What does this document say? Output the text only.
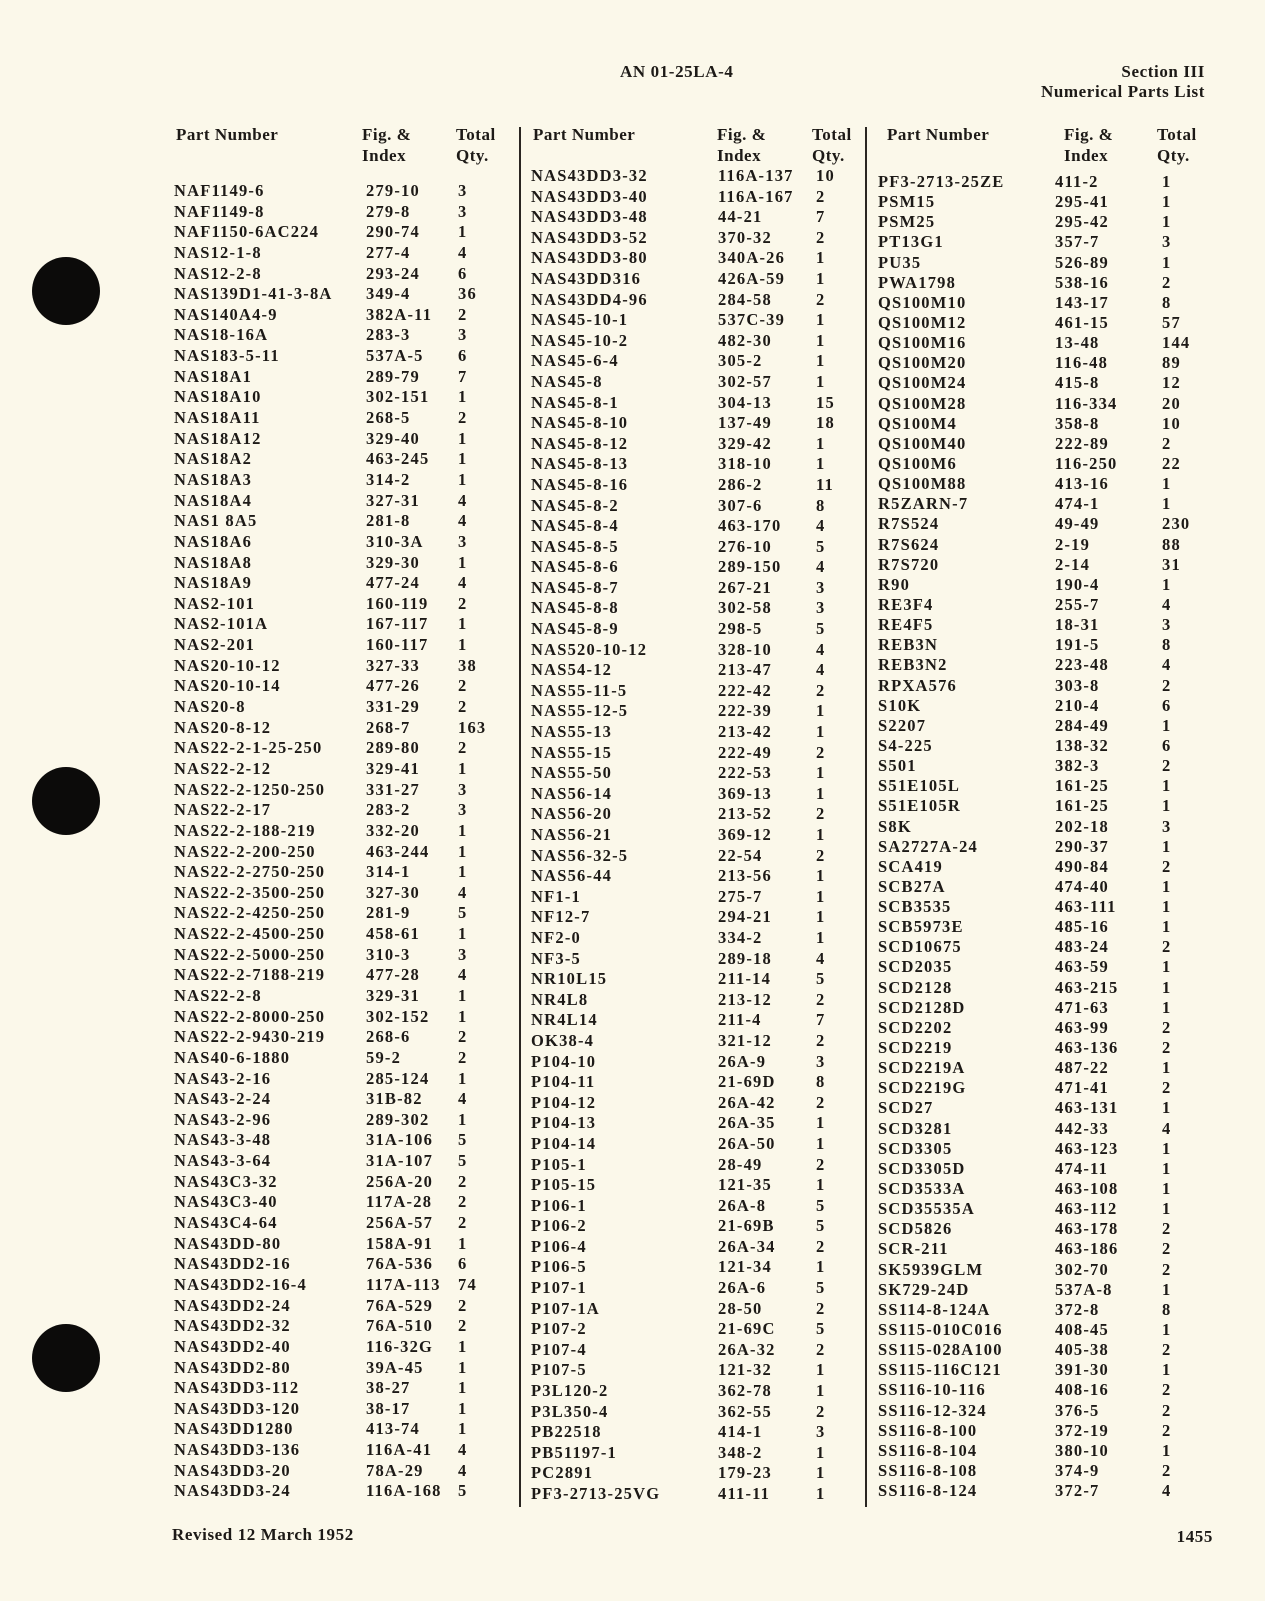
AN 01-25LA-4	Section III
Numerical Parts List
Part Number	Fig. &
Index
Total
Qty.
Part Number	Fig. &
Index
Total
Qty.
Part Number	Fig. &
Index
Total
Qty.
NAF1149-6	279-10 3
NAF1149-8	279-8	3
NAF1150-6AC224	290-74 1
NAS12-1-8	277-4	4
NAS12-2-8	293-24 6
NAS139D1-41-3-8A 349-4	36
NAS140A4-9	382A-11 2
NAS18-16A	283-3	3
NAS183-5-11	537A-5 6
NAS18A1	289-79 7
NAS18A10	302-151 1
NAS18A11	268-5	2
NAS18A12	329-40 1
NAS18A2	463-245 1
NAS18A3	314-2	1
NAS18A4	327-31 4
NAS1 8A5	281-8	4
NAS18A6	310-3A 3
NAS18A8	329-30 1
NAS18A9	477-24 4
NAS2-101	160-119 2
NAS2-101A	167-117 1
NAS2-201	160-117 1
NAS20-10-12	327-33 38
NAS20-10-14	477-26 2
NAS20-8	331-29 2
NAS20-8-12	268-7	163
NAS22-2-1-25-250	289-80 2
NAS22-2-12	329-41 1
NAS22-2-1250-250 331-27 3
NAS22-2-17	283-2	3
NAS22-2-188-219	332-20 1
NAS22-2-200-250	463-244 1
NAS22-2-2750-250 314-1	1
NAS22-2-3500-250 327-30 4
NAS22-2-4250-250 281-9	5
NAS22-2-4500-250 458-61 1
NAS22-2-5000-250 310-3	3
NAS22-2-7188-219 477-28 4
NAS22-2-8	329-31 1
NAS22-2-8000-250 302-152 1
NAS22-2-9430-219 268-6	2
NAS40-6-1880	59-2	2
NAS43-2-16	285-124 1
NAS43-2-24	31B-82 4
NAS43-2-96	289-302 1
NAS43-3-48	31A-106 5
NAS43-3-64	31A-107 5
NAS43C3-32	256A-20 2
NAS43C3-40	117A-28 2
NAS43C4-64	256A-57 2
NAS43DD-80	158A-91 1
NAS43DD2-16	76A-536 6
NAS43DD2-16-4	117A-113 74
NAS43DD2-24	76A-529 2
NAS43DD2-32	76A-510 2
NAS43DD2-40	116-32G 1
NAS43DD2-80	39A-45 1
NAS43DD3-112	38-27	1
NAS43DD3-120	38-17	1
NAS43DD1280	413-74 1
NAS43DD3-136	116A-41 4
NAS43DD3-20	78A-29 4
NAS43DD3-24	116A-168 5
NAS43DD3-32	116A-137 10
NAS43DD3-40	116A-167 2
NAS43DD3-48	44-21	7
NAS43DD3-52	370-32	2
NAS43DD3-80	340A-26 1
NAS43DD316	426A-59 1
NAS43DD4-96	284-58	2
NAS45-10-1	537C-39 1
NAS45-10-2	482-30	1
NAS45-6-4	305-2	1
NAS45-8	302-57	1
NAS45-8-1	304-13	15
NAS45-8-10	137-49	18
NAS45-8-12	329-42	1
NAS45-8-13	318-10	1
NAS45-8-16	286-2	11
NAS45-8-2	307-6	8
NAS45-8-4	463-170 4
NAS45-8-5	276-10	5
NAS45-8-6	289-150 4
NAS45-8-7	267-21	3
NAS45-8-8	302-58	3
NAS45-8-9	298-5	5
NAS520-10-12	328-10	4
NAS54-12	213-47	4
NAS55-11-5	222-42	2
NAS55-12-5	222-39	1
NAS55-13	213-42	1
NAS55-15	222-49	2
NAS55-50	222-53	1
NAS56-14	369-13	1
NAS56-20	213-52	2
NAS56-21	369-12	1
NAS56-32-5	22-54	2
NAS56-44	213-56	1
NF1-1	275-7	1
NF12-7	294-21	1
NF2-0	334-2	1
NF3-5	289-18	4
NR10L15	211-14	5
NR4L8	213-12	2
NR4L14	211-4	7
OK38-4	321-12	2
P104-10	26A-9	3
P104-11	21-69D 8
P104-12	26A-42 2
P104-13	26A-35 1
P104-14	26A-50 1
P105-1	28-49	2
P105-15	121-35	1
P106-1	26A-8	5
P106-2	21-69B	5
P106-4	26A-34 2
P106-5	121-34	1
P107-1	26A-6	5
P107-1A	28-50	2
P107-2	21-69C 5
P107-4	26A-32 2
P107-5	121-32	1
P3L120-2	362-78	1
P3L350-4	362-55	2
PB22518	414-1	3
PB51197-1	348-2	1
PC2891	179-23	1
PF3-2713-25VG	411-11	1
PF3-2713-25ZE	411-2	1
PSM15	295-41	1
PSM25	295-42	1
PT13G1	357-7	3
PU35	526-89	1
PWA1798	538-16	2
QS100M10	143-17	8
QS100M12	461-15	57
QS100M16	13-48	144
QS100M20	116-48	89
QS100M24	415-8	12
QS100M28	116-334	20
QS100M4	358-8	10
QS100M40	222-89	2
QS100M6	116-250	22
QS100M88	413-16	1
R5ZARN-7	474-1	1
R7S524	49-49	230
R7S624	2-19	88
R7S720	2-14	31
R90	190-4	1
RE3F4	255-7	4
RE4F5	18-31	3
REB3N	191-5	8
REB3N2	223-48	4
RPXA576	303-8	2
S10K	210-4	6
S2207	284-49	1
S4-225	138-32	6
S501	382-3	2
S51E105L	161-25	1
S51E105R	161-25	1
S8K	202-18	3
SA2727A-24	290-37	1
SCA419	490-84	2
SCB27A	474-40	1
SCB3535	463-111	1
SCB5973E	485-16	1
SCD10675	483-24	2
SCD2035	463-59	1
SCD2128	463-215	1
SCD2128D	471-63	1
SCD2202	463-99	2
SCD2219	463-136	2
SCD2219A	487-22	1
SCD2219G	471-41	2
SCD27	463-131	1
SCD3281	442-33	4
SCD3305	463-123	1
SCD3305D	474-11	1
SCD3533A	463-108	1
SCD35535A	463-112	1
SCD5826	463-178	2
SCR-211	463-186	2
SK5939GLM	302-70	2
SK729-24D	537A-8	1
SS114-8-124A	372-8	8
SS115-010C016	408-45	1
SS115-028A100	405-38	2
SS115-116C121	391-30	1
SS116-10-116	408-16	2
SS116-12-324	376-5	2
SS116-8-100	372-19	2
SS116-8-104	380-10	1
SS116-8-108	374-9	2
SS116-8-124	372-7	4
Revised 12 March 1952	1455
